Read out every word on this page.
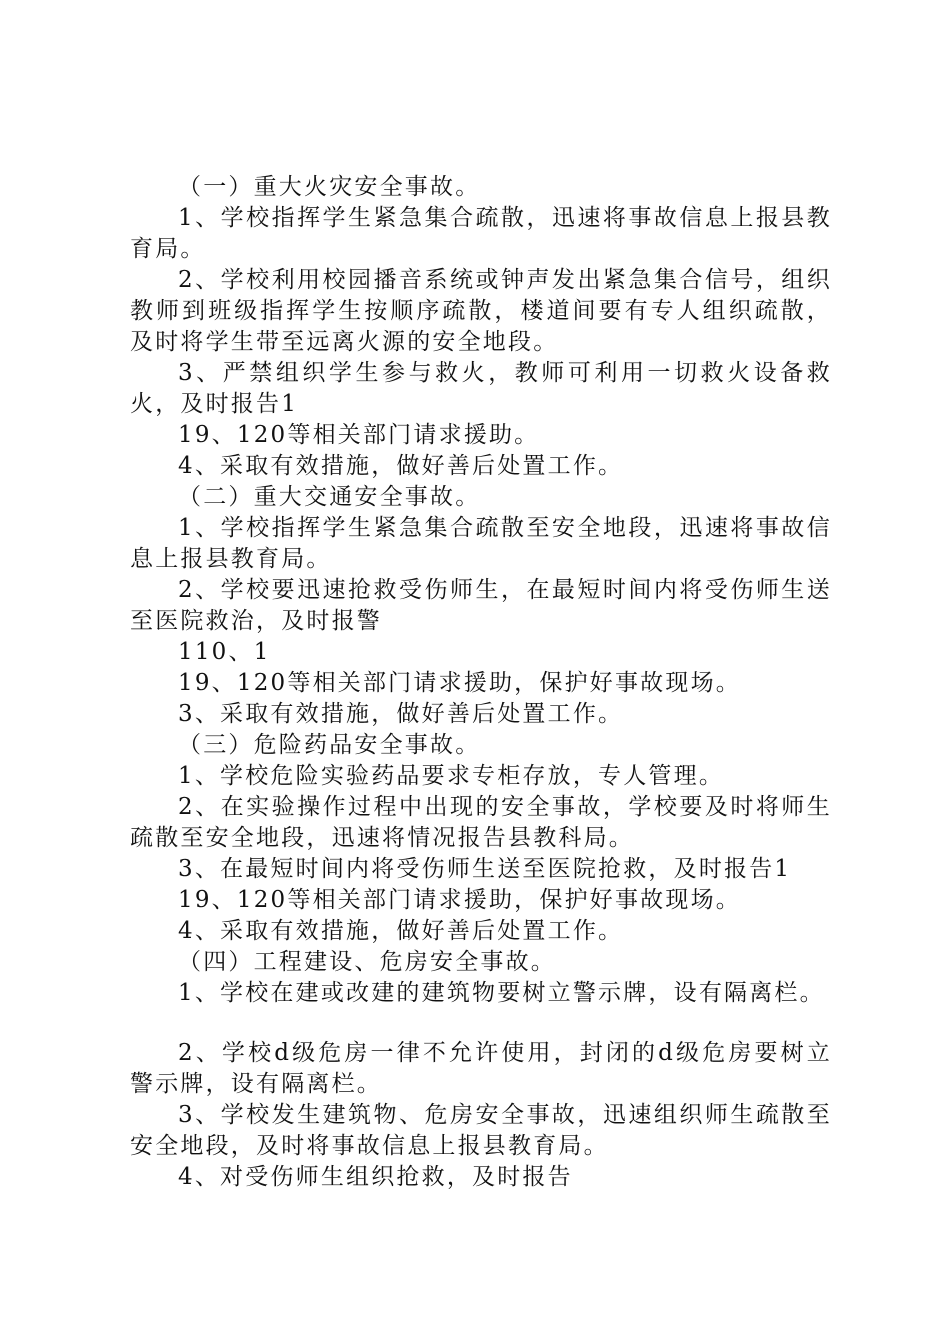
（一）重大火灾安全事故。

1、学校指挥学生紧急集合疏散，迅速将事故信息上报县教育局。

2、学校利用校园播音系统或钟声发出紧急集合信号，组织教师到班级指挥学生按顺序疏散，楼道间要有专人组织疏散，及时将学生带至远离火源的安全地段。

3、严禁组织学生参与救火，教师可利用一切救火设备救火，及时报告1

19、120等相关部门请求援助。

4、采取有效措施，做好善后处置工作。

（二）重大交通安全事故。

1、学校指挥学生紧急集合疏散至安全地段，迅速将事故信息上报县教育局。

2、学校要迅速抢救受伤师生，在最短时间内将受伤师生送至医院救治，及时报警

110、1

19、120等相关部门请求援助，保护好事故现场。

3、采取有效措施，做好善后处置工作。

（三）危险药品安全事故。

1、学校危险实验药品要求专柜存放，专人管理。

2、在实验操作过程中出现的安全事故，学校要及时将师生疏散至安全地段，迅速将情况报告县教科局。

3、在最短时间内将受伤师生送至医院抢救，及时报告1

19、120等相关部门请求援助，保护好事故现场。

4、采取有效措施，做好善后处置工作。

（四）工程建设、危房安全事故。

1、学校在建或改建的建筑物要树立警示牌，设有隔离栏。

2、学校d级危房一律不允许使用，封闭的d级危房要树立警示牌，设有隔离栏。

3、学校发生建筑物、危房安全事故，迅速组织师生疏散至安全地段，及时将事故信息上报县教育局。

4、对受伤师生组织抢救，及时报告
